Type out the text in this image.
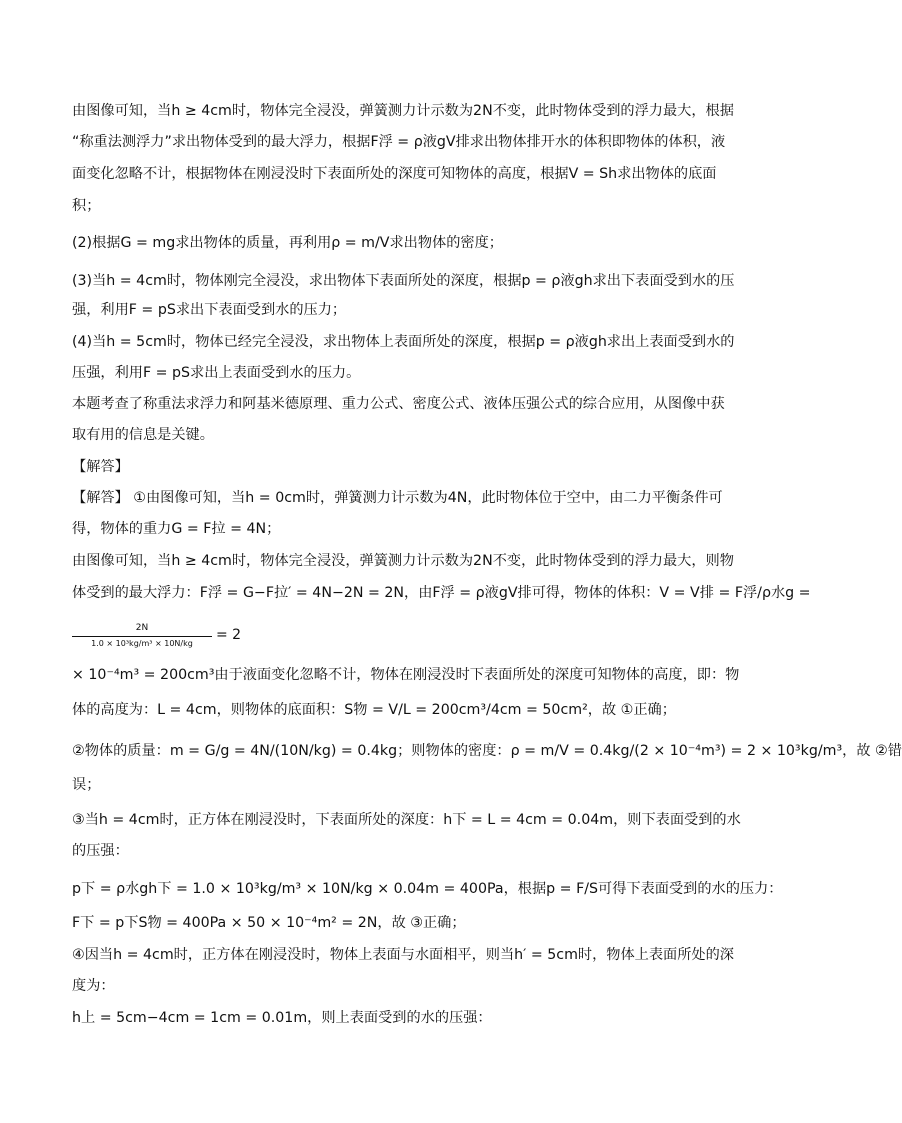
由图像可知，当h ≥ 4cm时，物体完全浸没，弹簧测力计示数为2N不变，此时物体受到的浮力最大，根据
“称重法测浮力”求出物体受到的最大浮力，根据F浮 = ρ液gV排求出物体排开水的体积即物体的体积，液
面变化忽略不计，根据物体在刚浸没时下表面所处的深度可知物体的高度，根据V = Sh求出物体的底面
积；
(2)根据G = mg求出物体的质量，再利用ρ = m/V求出物体的密度；
(3)当h = 4cm时，物体刚完全浸没，求出物体下表面所处的深度，根据p = ρ液gh求出下表面受到水的压
强，利用F = pS求出下表面受到水的压力；
(4)当h = 5cm时，物体已经完全浸没，求出物体上表面所处的深度，根据p = ρ液gh求出上表面受到水的
压强，利用F = pS求出上表面受到水的压力。
本题考查了称重法求浮力和阿基米德原理、重力公式、密度公式、液体压强公式的综合应用，从图像中获
取有用的信息是关键。
【解答】
【解答】 ①由图像可知，当h = 0cm时，弹簧测力计示数为4N，此时物体位于空中，由二力平衡条件可
得，物体的重力G = F拉 = 4N；
由图像可知，当h ≥ 4cm时，物体完全浸没，弹簧测力计示数为2N不变，此时物体受到的浮力最大，则物
体受到的最大浮力：F浮 = G−F拉′ = 4N−2N = 2N，由F浮 = ρ液gV排可得，物体的体积：V = V排 = F浮/ρ水g =
$\frac{2N}{\text{1.0 × 10³kg/m³ × 10N/kg}} = 2$
× 10⁻⁴m³ = 200cm³由于液面变化忽略不计，物体在刚浸没时下表面所处的深度可知物体的高度，即：物
体的高度为：L = 4cm，则物体的底面积：S物 = V/L = 200cm³/4cm = 50cm²，故 ①正确；
②物体的质量：m = G/g = 4N/(10N/kg) = 0.4kg；则物体的密度：ρ = m/V = 0.4kg/(2 × 10⁻⁴m³) = 2 × 10³kg/m³，故 ②错
误；
③当h = 4cm时，正方体在刚浸没时，下表面所处的深度：h下 = L = 4cm = 0.04m，则下表面受到的水
的压强：
p下 = ρ水gh下 = 1.0 × 10³kg/m³ × 10N/kg × 0.04m = 400Pa，根据p = F/S可得下表面受到的水的压力：
F下 = p下S物 = 400Pa × 50 × 10⁻⁴m² = 2N，故 ③正确；
④因当h = 4cm时，正方体在刚浸没时，物体上表面与水面相平，则当h′ = 5cm时，物体上表面所处的深
度为：
h上 = 5cm−4cm = 1cm = 0.01m，则上表面受到的水的压强：
